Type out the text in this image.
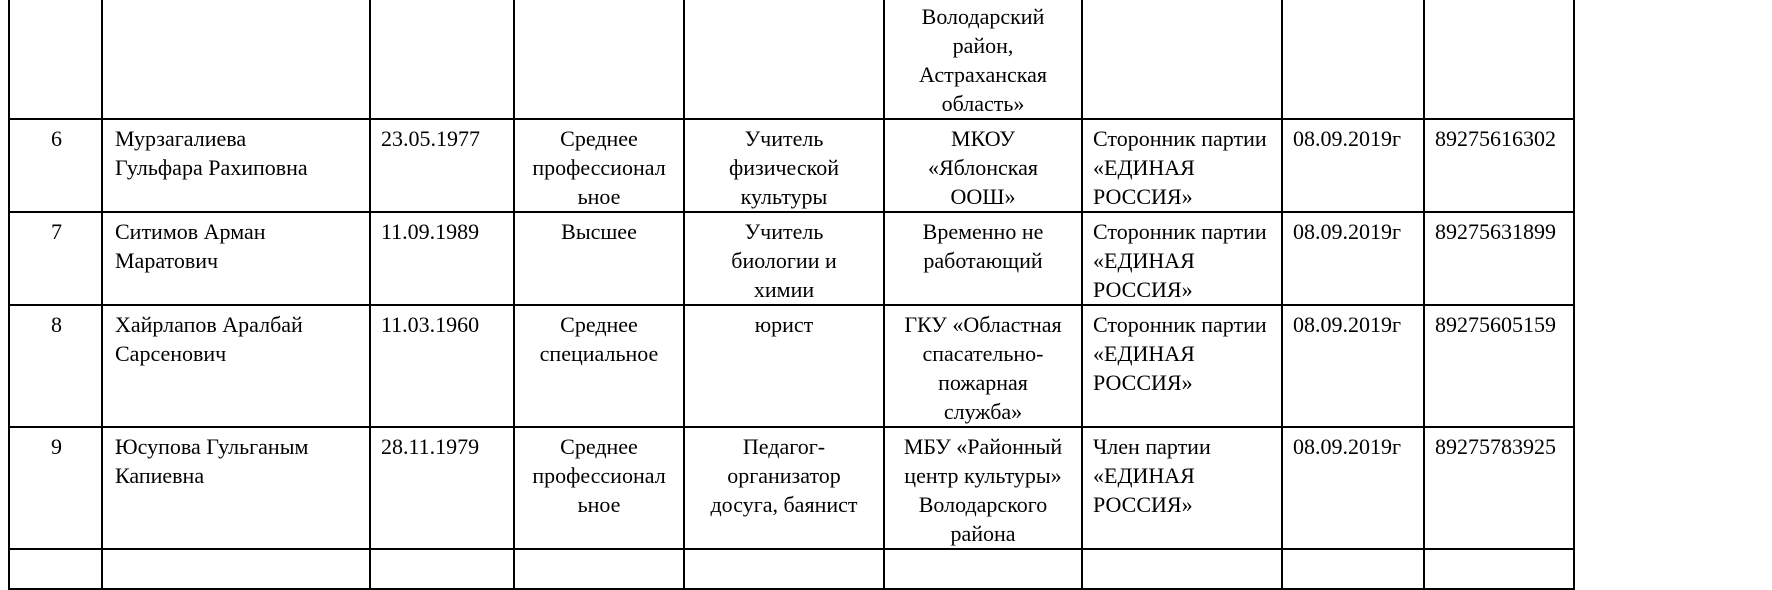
					Володарский
район,
Астраханская
область»			
6	Мурзагалиева
Гульфара Рахиповна	23.05.1977	Среднее
профессионал
ьное	Учитель
физической
культуры	МКОУ
«Яблонская
ООШ»	Сторонник партии
«ЕДИНАЯ
РОССИЯ»	08.09.2019г	89275616302
7	Ситимов Арман
Маратович	11.09.1989	Высшее	Учитель
биологии и
химии	Временно не
работающий	Сторонник партии
«ЕДИНАЯ
РОССИЯ»	08.09.2019г	89275631899
8	Хайрлапов Аралбай
Сарсенович	11.03.1960	Среднее
специальное	юрист	ГКУ «Областная
спасательно-
пожарная
служба»	Сторонник партии
«ЕДИНАЯ
РОССИЯ»	08.09.2019г	89275605159
9	Юсупова Гульганым
Капиевна	28.11.1979	Среднее
профессионал
ьное	Педагог-
организатор
досуга, баянист	МБУ «Районный
центр культуры»
Володарского
района	Член партии
«ЕДИНАЯ
РОССИЯ»	08.09.2019г	89275783925
